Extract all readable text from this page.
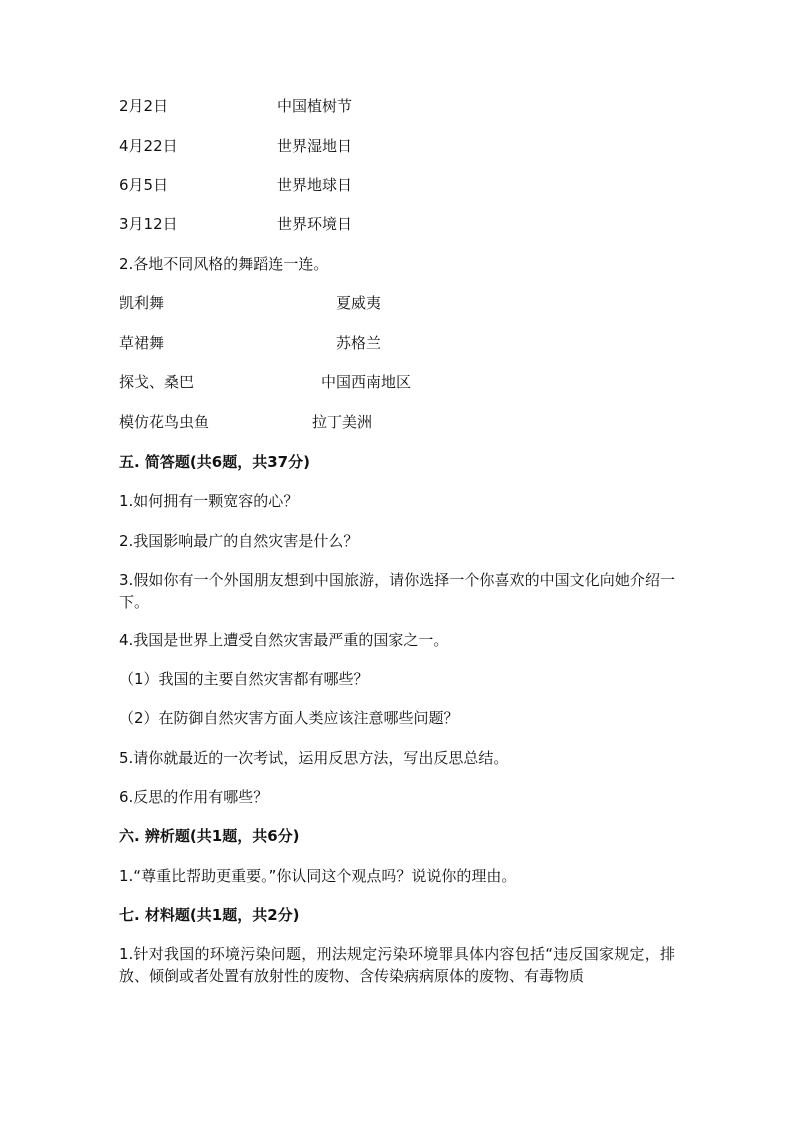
2月2日	中国植树节
4月22日	世界湿地日
6月5日	世界地球日
3月12日	世界环境日
2.各地不同风格的舞蹈连一连。
凯利舞	夏威夷
草裙舞	苏格兰
探戈、桑巴	中国西南地区
模仿花鸟虫鱼	拉丁美洲
五. 简答题(共6题，共37分)
1.如何拥有一颗宽容的心？
2.我国影响最广的自然灾害是什么？
3.假如你有一个外国朋友想到中国旅游，请你选择一个你喜欢的中国文化向她介绍一下。
4.我国是世界上遭受自然灾害最严重的国家之一。
（1）我国的主要自然灾害都有哪些？
（2）在防御自然灾害方面人类应该注意哪些问题？
5.请你就最近的一次考试，运用反思方法，写出反思总结。
6.反思的作用有哪些？
六. 辨析题(共1题，共6分)
1.“尊重比帮助更重要。”你认同这个观点吗？说说你的理由。
七. 材料题(共1题，共2分)
1.针对我国的环境污染问题，刑法规定污染环境罪具体内容包括“违反国家规定，排放、倾倒或者处置有放射性的废物、含传染病病原体的废物、有毒物质
